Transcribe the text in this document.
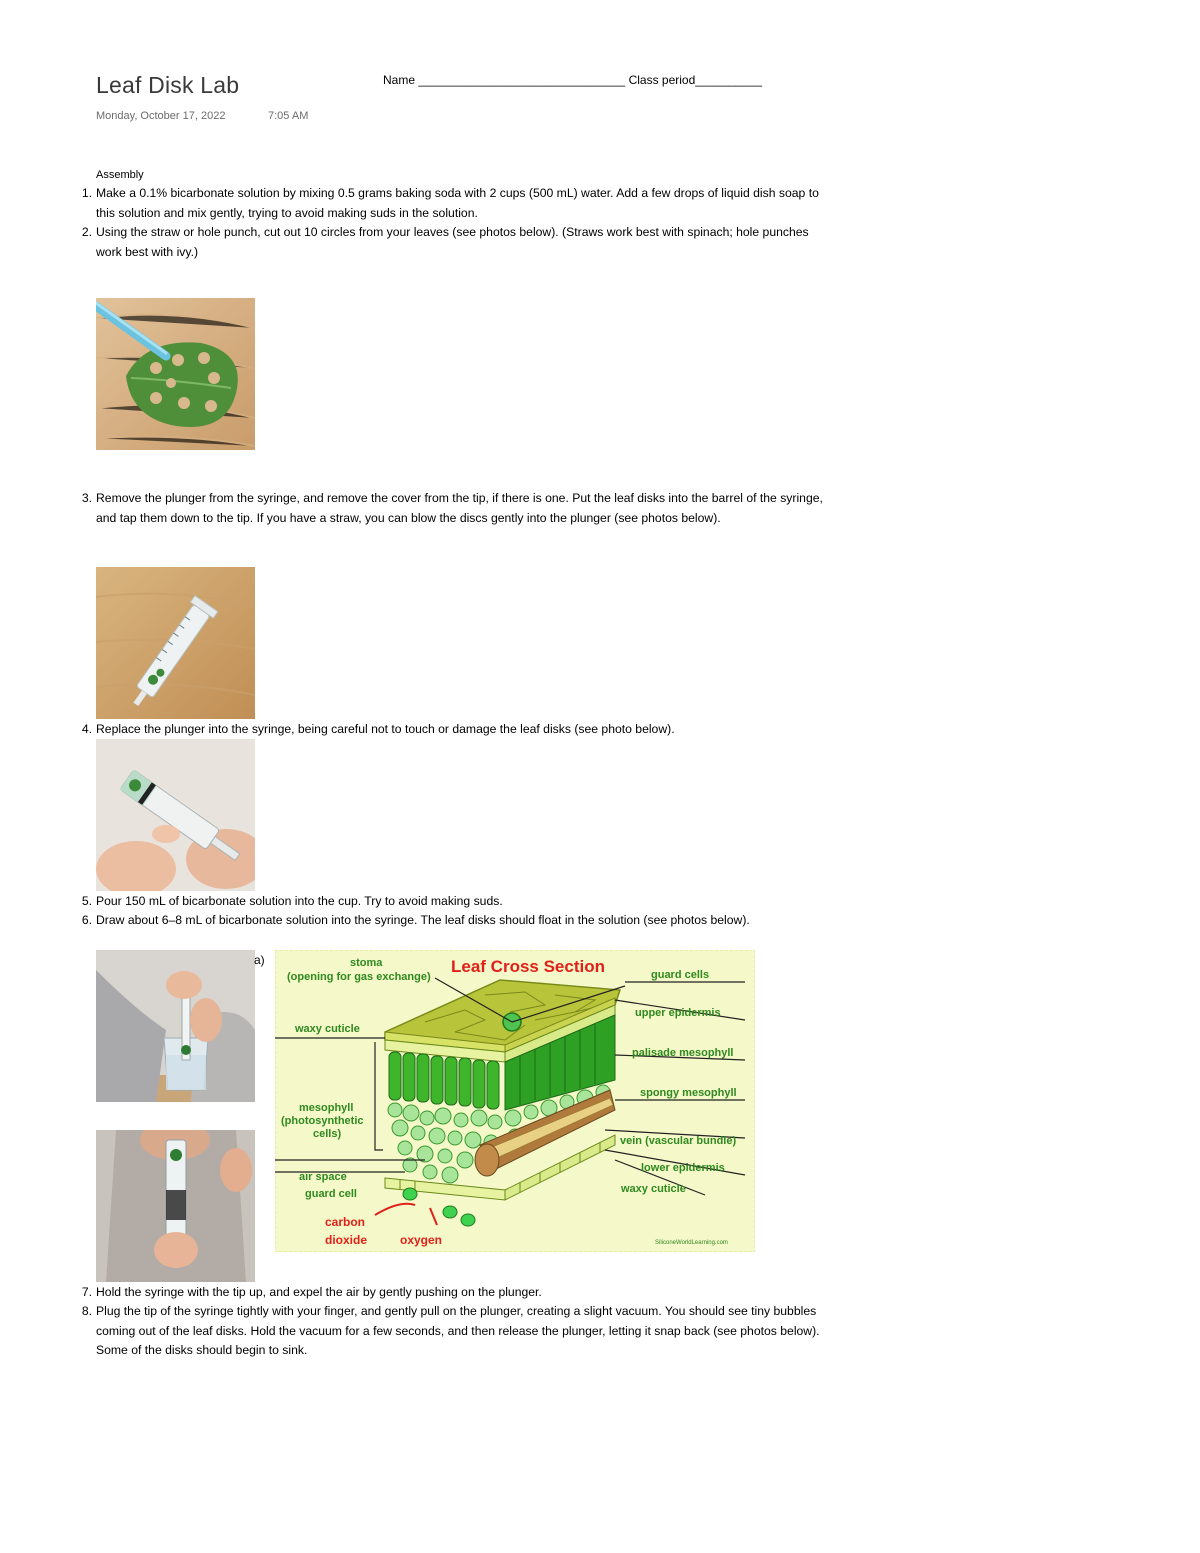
Leaf Disk Lab
Monday, October 17, 2022	7:05 AM
Name _______________________________ Class period__________
Assembly
1. Make a 0.1% bicarbonate solution by mixing 0.5 grams baking soda with 2 cups (500 mL) water. Add a few drops of liquid dish soap to this solution and mix gently, trying to avoid making suds in the solution.
2. Using the straw or hole punch, cut out 10 circles from your leaves (see photos below). (Straws work best with spinach; hole punches work best with ivy.)
3. Remove the plunger from the syringe, and remove the cover from the tip, if there is one. Put the leaf disks into the barrel of the syringe, and tap them down to the tip. If you have a straw, you can blow the discs gently into the plunger (see photos below).
4. Replace the plunger into the syringe, being careful not to touch or damage the leaf disks (see photo below).
5. Pour 150 mL of bicarbonate solution into the cup. Try to avoid making suds.
6. Draw about 6–8 mL of bicarbonate solution into the syringe. The leaf disks should float in the solution (see photos below).
a)	Leaf Cross Section
stoma
(opening for gas exchange)
waxy cuticle
mesophyll
(photosynthetic
cells)
air space
guard cell
guard cells
upper epidermis
palisade mesophyll
spongy mesophyll
vein (vascular bundle)
lower epidermis
waxy cuticle
carbon
dioxide	oxygen	SiliconeWorldLearning.com
7. Hold the syringe with the tip up, and expel the air by gently pushing on the plunger.
8. Plug the tip of the syringe tightly with your finger, and gently pull on the plunger, creating a slight vacuum. You should see tiny bubbles coming out of the leaf disks. Hold the vacuum for a few seconds, and then release the plunger, letting it snap back (see photos below). Some of the disks should begin to sink.
